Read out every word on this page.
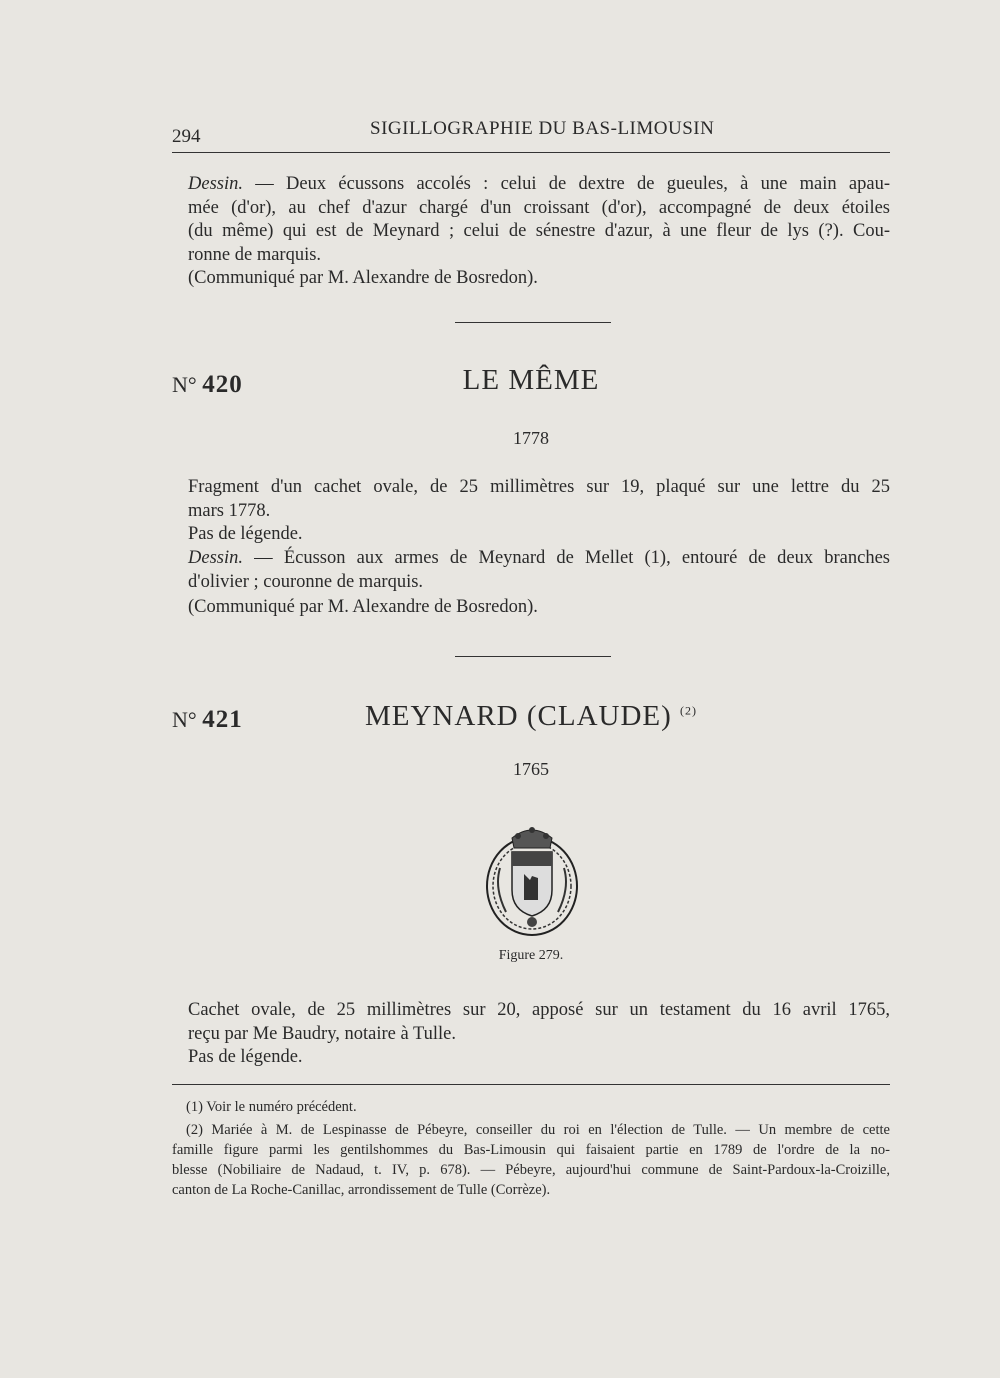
294	SIGILLOGRAPHIE DU BAS-LIMOUSIN
Dessin. — Deux écussons accolés : celui de dextre de gueules, à une main apau-
mée (d'or), au chef d'azur chargé d'un croissant (d'or), accompagné de deux étoiles
(du même) qui est de Meynard ; celui de sénestre d'azur, à une fleur de lys (?). Cou-
ronne de marquis.
(Communiqué par M. Alexandre de Bosredon).
N° 420	LE MÊME
1778
Fragment d'un cachet ovale, de 25 millimètres sur 19, plaqué sur une lettre du 25
mars 1778.
Pas de légende.
Dessin. — Écusson aux armes de Meynard de Mellet (1), entouré de deux branches
d'olivier ; couronne de marquis.
(Communiqué par M. Alexandre de Bosredon).
N° 421	MEYNARD (CLAUDE) $^{(2)}$
1765
Figure 279.
Cachet ovale, de 25 millimètres sur 20, apposé sur un testament du 16 avril 1765,
reçu par Me Baudry, notaire à Tulle.
Pas de légende.
(1) Voir le numéro précédent.
(2) Mariée à M. de Lespinasse de Pébeyre, conseiller du roi en l'élection de Tulle. — Un membre de cette
famille figure parmi les gentilshommes du Bas-Limousin qui faisaient partie en 1789 de l'ordre de la no-
blesse (Nobiliaire de Nadaud, t. IV, p. 678). — Pébeyre, aujourd'hui commune de Saint-Pardoux-la-Croizille,
canton de La Roche-Canillac, arrondissement de Tulle (Corrèze).
